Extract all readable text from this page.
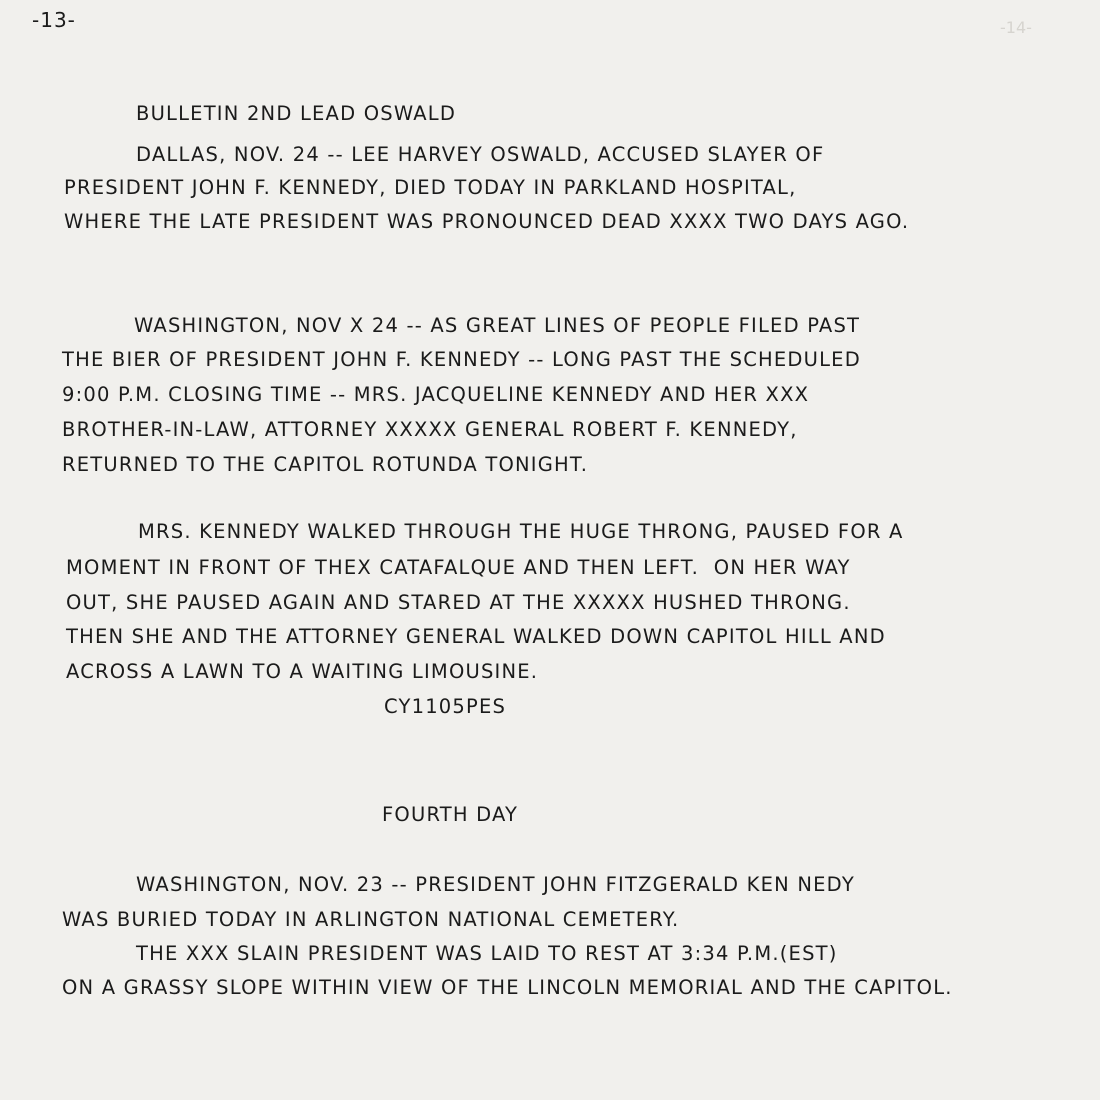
-14-
-13-
BULLETIN 2ND LEAD OSWALD
DALLAS, NOV. 24 -- LEE HARVEY OSWALD, ACCUSED SLAYER OF
PRESIDENT JOHN F. KENNEDY, DIED TODAY IN PARKLAND HOSPITAL,
WHERE THE LATE PRESIDENT WAS PRONOUNCED DEAD XXXX TWO DAYS AGO.
WASHINGTON, NOV X 24 -- AS GREAT LINES OF PEOPLE FILED PAST
THE BIER OF PRESIDENT JOHN F. KENNEDY -- LONG PAST THE SCHEDULED
9:00 P.M. CLOSING TIME -- MRS. JACQUELINE KENNEDY AND HER XXX
BROTHER-IN-LAW, ATTORNEY XXXXX GENERAL ROBERT F. KENNEDY,
RETURNED TO THE CAPITOL ROTUNDA TONIGHT.
MRS. KENNEDY WALKED THROUGH THE HUGE THRONG, PAUSED FOR A
MOMENT IN FRONT OF THEX CATAFALQUE AND THEN LEFT.  ON HER WAY
OUT, SHE PAUSED AGAIN AND STARED AT THE XXXXX HUSHED THRONG.
THEN SHE AND THE ATTORNEY GENERAL WALKED DOWN CAPITOL HILL AND
ACROSS A LAWN TO A WAITING LIMOUSINE.
CY1105PES
FOURTH DAY
WASHINGTON, NOV. 23 -- PRESIDENT JOHN FITZGERALD KEN NEDY
WAS BURIED TODAY IN ARLINGTON NATIONAL CEMETERY.
THE XXX SLAIN PRESIDENT WAS LAID TO REST AT 3:34 P.M.(EST)
ON A GRASSY SLOPE WITHIN VIEW OF THE LINCOLN MEMORIAL AND THE CAPITOL.
